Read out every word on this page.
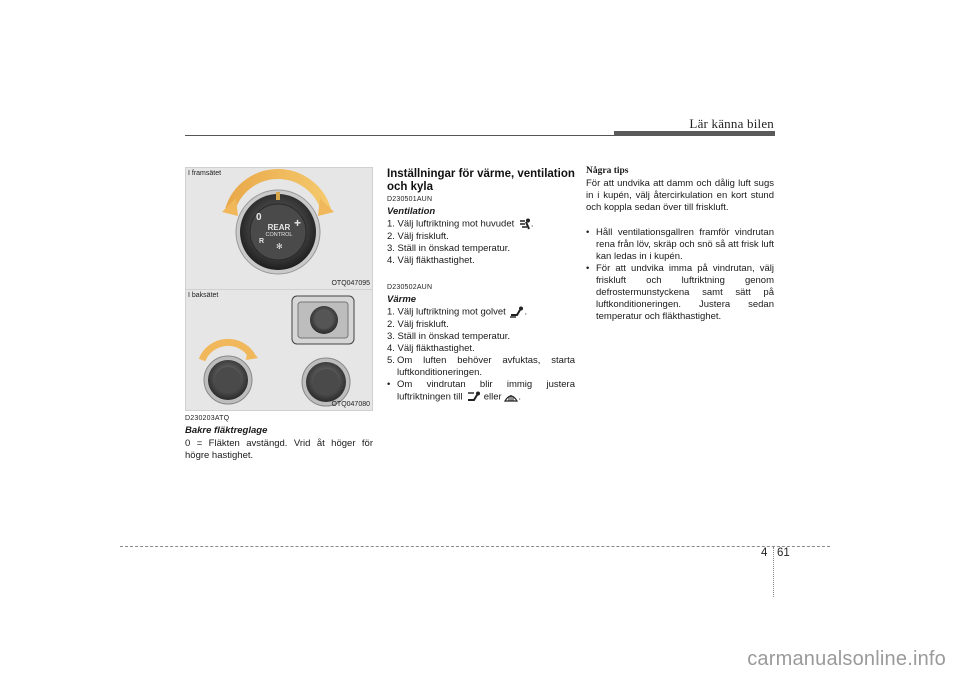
Lär känna bilen
I framsätet
REAR
CONTROL
0
R
+
✻
OTQ047095
I baksätet
OTQ047080
D230203ATQ
Bakre fläktreglage
0 = Fläkten avstängd. Vrid åt höger för högre hastighet.
Inställningar för värme, ventilation och kyla
D230501AUN
Ventilation
1. Välj luftriktning mot huvudet .
2. Välj friskluft.
3. Ställ in önskad temperatur.
4. Välj fläkthastighet.
D230502AUN
Värme
1. Välj luftriktning mot golvet .
2. Välj friskluft.
3. Ställ in önskad temperatur.
4. Välj fläkthastighet.
5. Om luften behöver avfuktas, starta luftkonditioneringen.
• Om vindrutan blir immig justera luftriktningen till eller .
Några tips
För att undvika att damm och dålig luft sugs in i kupén, välj återcirkulation en kort stund och koppla sedan över till friskluft.
• Håll ventilationsgallren framför vindrutan rena från löv, skräp och snö så att frisk luft kan ledas in i kupén.
• För att undvika imma på vindrutan, välj friskluft och luftriktning genom defrostermunstyckena samt sätt på luftkonditioneringen. Justera sedan temperatur och fläkthastighet.
4 61
carmanualsonline.info
